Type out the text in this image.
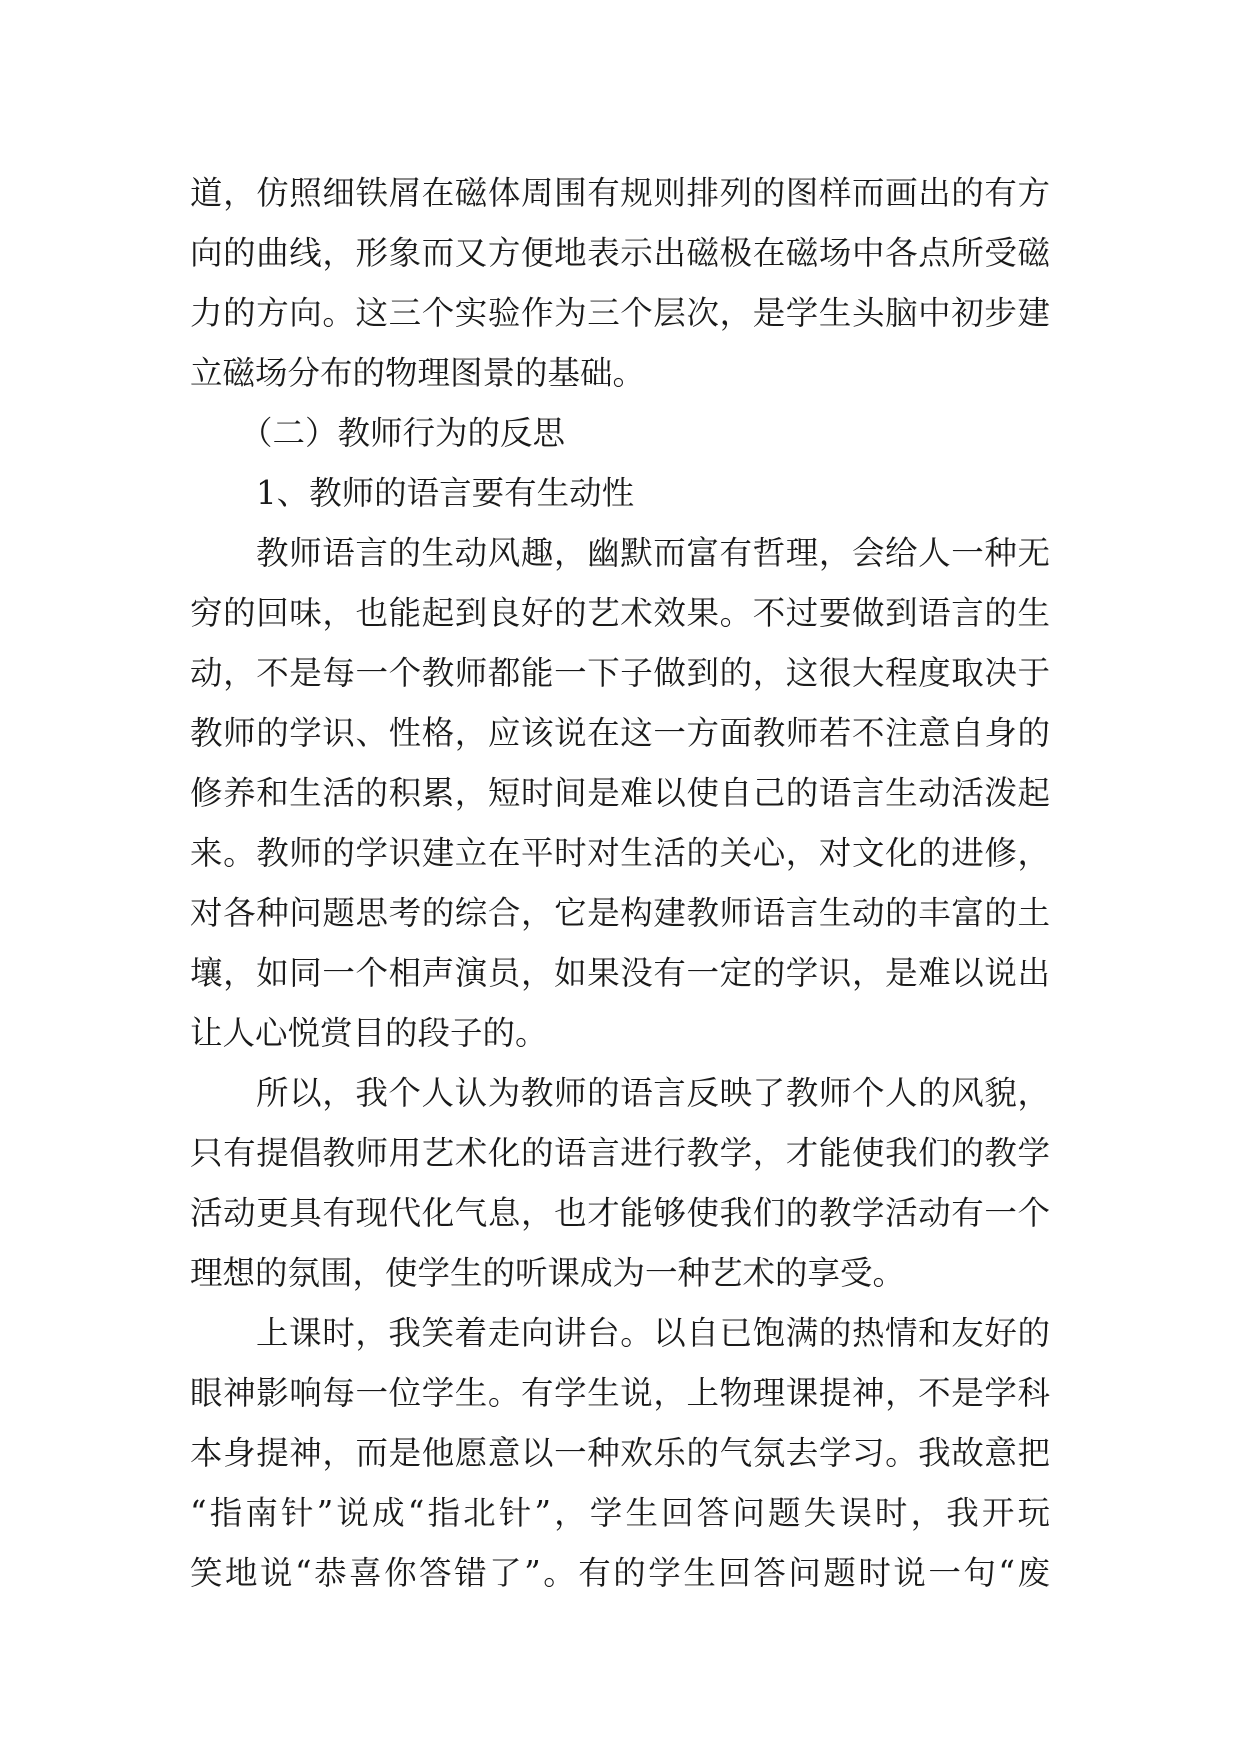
道，仿照细铁屑在磁体周围有规则排列的图样而画出的有方
向的曲线，形象而又方便地表示出磁极在磁场中各点所受磁
力的方向。这三个实验作为三个层次，是学生头脑中初步建
立磁场分布的物理图景的基础。
（二）教师行为的反思
1、教师的语言要有生动性
教师语言的生动风趣，幽默而富有哲理，会给人一种无
穷的回味，也能起到良好的艺术效果。不过要做到语言的生
动，不是每一个教师都能一下子做到的，这很大程度取决于
教师的学识、性格，应该说在这一方面教师若不注意自身的
修养和生活的积累，短时间是难以使自己的语言生动活泼起
来。教师的学识建立在平时对生活的关心，对文化的进修，
对各种问题思考的综合，它是构建教师语言生动的丰富的土
壤，如同一个相声演员，如果没有一定的学识，是难以说出
让人心悦赏目的段子的。
所以，我个人认为教师的语言反映了教师个人的风貌，
只有提倡教师用艺术化的语言进行教学，才能使我们的教学
活动更具有现代化气息，也才能够使我们的教学活动有一个
理想的氛围，使学生的听课成为一种艺术的享受。
上课时，我笑着走向讲台。以自已饱满的热情和友好的
眼神影响每一位学生。有学生说，上物理课提神，不是学科
本身提神，而是他愿意以一种欢乐的气氛去学习。我故意把
“指南针”说成“指北针”，学生回答问题失误时，我开玩
笑地说“恭喜你答错了”。有的学生回答问题时说一句“废
